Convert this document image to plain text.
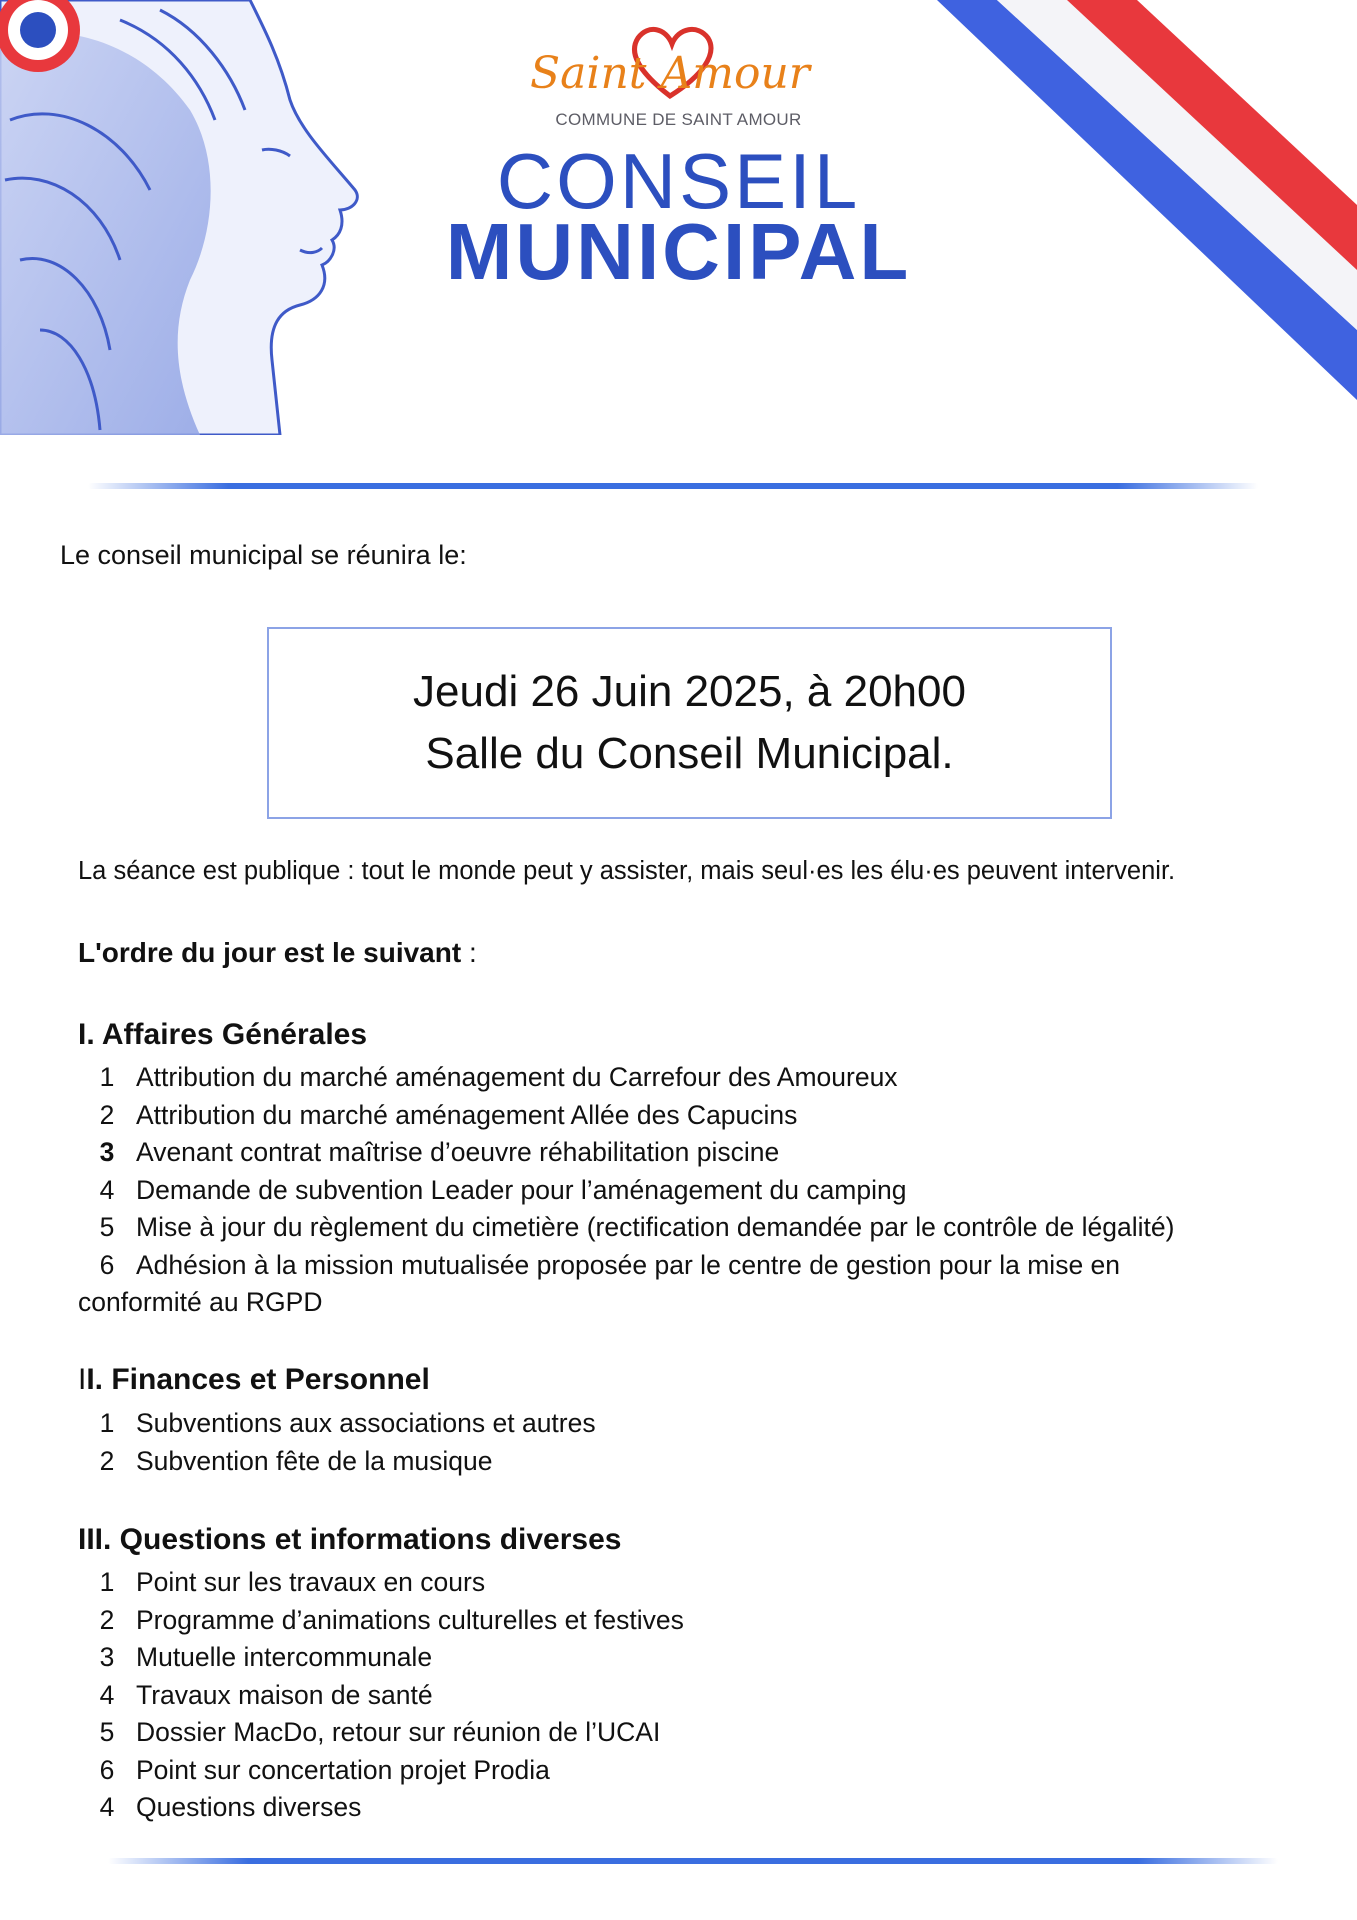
Saint Amour
COMMUNE DE SAINT AMOUR
CONSEIL
MUNICIPAL
Le conseil municipal se réunira le:
Jeudi 26 Juin 2025, à 20h00
Salle du Conseil Municipal.
La séance est publique : tout le monde peut y assister, mais seul·es les élu·es peuvent intervenir.
L'ordre du jour est le suivant :
I. Affaires Générales
1 Attribution du marché aménagement du Carrefour des Amoureux
2 Attribution du marché aménagement Allée des Capucins
3 Avenant contrat maîtrise d’oeuvre réhabilitation piscine
4 Demande de subvention Leader pour l’aménagement du camping
5 Mise à jour du règlement du cimetière (rectification demandée par le contrôle de légalité)
6 Adhésion à la mission mutualisée proposée par le centre de gestion pour la mise en
conformité au RGPD
II. Finances et Personnel
1 Subventions aux associations et autres
2 Subvention fête de la musique
III. Questions et informations diverses
1 Point sur les travaux en cours
2 Programme d’animations culturelles et festives
3 Mutuelle intercommunale
4 Travaux maison de santé
5 Dossier MacDo, retour sur réunion de l’UCAI
6 Point sur concertation projet Prodia
4 Questions diverses
